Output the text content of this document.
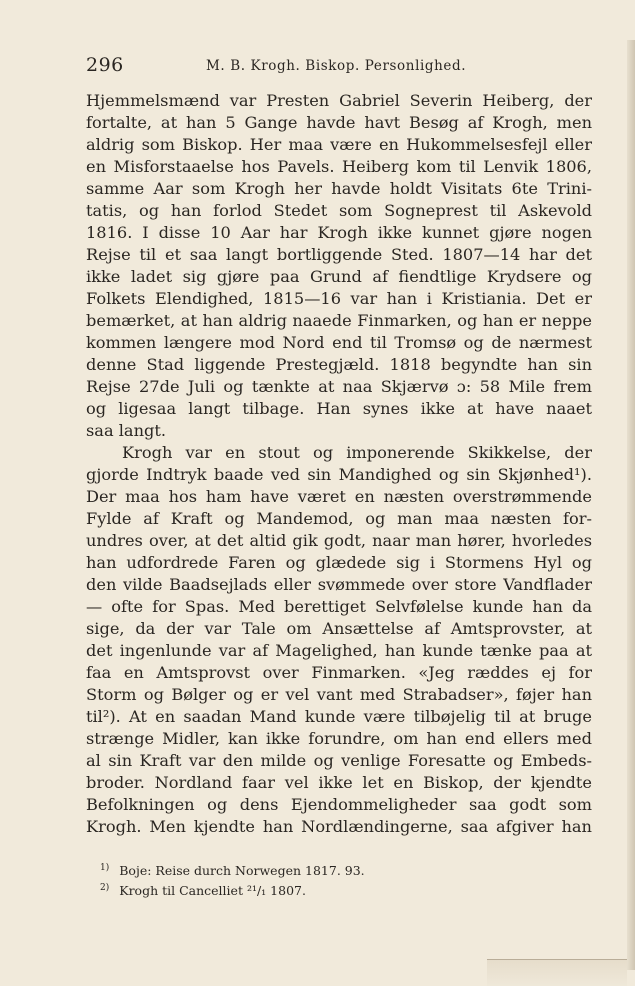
296	M. B. Krogh. Biskop. Personlighed.
Hjemmelsmænd var Presten Gabriel Severin Heiberg, der
fortalte, at han 5 Gange havde havt Besøg af Krogh, men
aldrig som Biskop. Her maa være en Hukommelsesfejl eller
en Misforstaaelse hos Pavels. Heiberg kom til Lenvik 1806,
samme Aar som Krogh her havde holdt Visitats 6te Trini-
tatis, og han forlod Stedet som Sogneprest til Askevold
1816. I disse 10 Aar har Krogh ikke kunnet gjøre nogen
Rejse til et saa langt bortliggende Sted. 1807—14 har det
ikke ladet sig gjøre paa Grund af fiendtlige Krydsere og
Folkets Elendighed, 1815—16 var han i Kristiania. Det er
bemærket, at han aldrig naaede Finmarken, og han er neppe
kommen længere mod Nord end til Tromsø og de nærmest
denne Stad liggende Prestegjæld. 1818 begyndte han sin
Rejse 27de Juli og tænkte at naa Skjærvø ɔ: 58 Mile frem
og ligesaa langt tilbage. Han synes ikke at have naaet
saa langt.
Krogh var en stout og imponerende Skikkelse, der
gjorde Indtryk baade ved sin Mandighed og sin Skjønhed¹).
Der maa hos ham have været en næsten overstrømmende
Fylde af Kraft og Mandemod, og man maa næsten for-
undres over, at det altid gik godt, naar man hører, hvorledes
han udfordrede Faren og glædede sig i Stormens Hyl og
den vilde Baadsejlads eller svømmede over store Vandflader
— ofte for Spas. Med berettiget Selvfølelse kunde han da
sige, da der var Tale om Ansættelse af Amtsprovster, at
det ingenlunde var af Magelighed, han kunde tænke paa at
faa en Amtsprovst over Finmarken. «Jeg ræddes ej for
Storm og Bølger og er vel vant med Strabadser», føjer han
til²). At en saadan Mand kunde være tilbøjelig til at bruge
strænge Midler, kan ikke forundre, om han end ellers med
al sin Kraft var den milde og venlige Foresatte og Embeds-
broder. Nordland faar vel ikke let en Biskop, der kjendte
Befolkningen og dens Ejendommeligheder saa godt som
Krogh. Men kjendte han Nordlændingerne, saa afgiver han
$^{1)}$ Boje: Reise durch Norwegen 1817. 93.
$^{2)}$ Krogh til Cancelliet ²¹/₁ 1807.
